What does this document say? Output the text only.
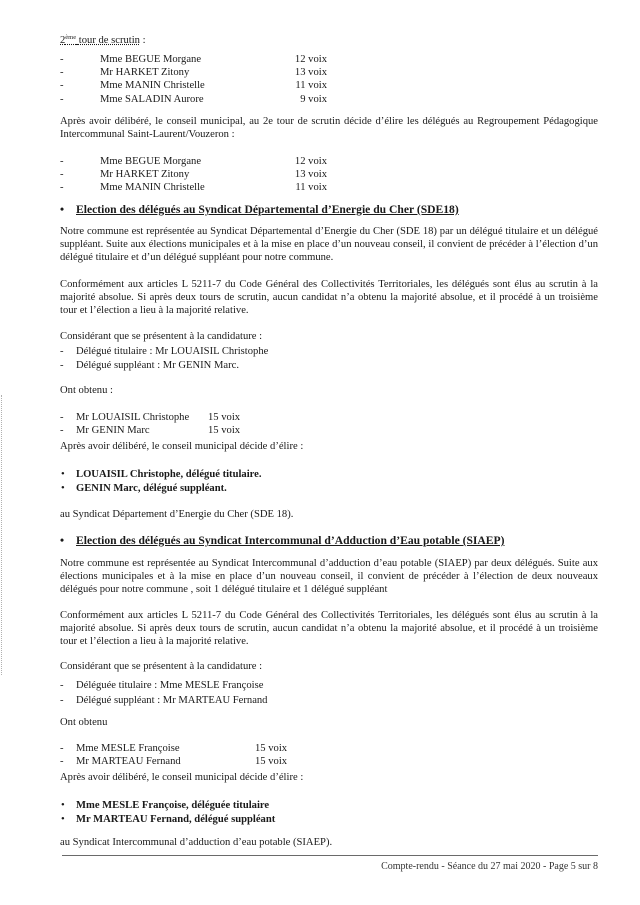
2ème tour de scrutin :
-	Mme BEGUE Morgane	12 voix
-	Mr HARKET Zitony	13 voix
-	Mme MANIN Christelle	11 voix
-	Mme SALADIN Aurore	9 voix

Après avoir délibéré, le conseil municipal, au 2e tour de scrutin décide d’élire les délégués au Regroupement Pédagogique Intercommunal Saint-Laurent/Vouzeron :

-	Mme BEGUE Morgane	12 voix
-	Mr HARKET Zitony	13 voix
-	Mme MANIN Christelle	11 voix
• Election des délégués au Syndicat Départemental d’Energie du Cher (SDE18)

Notre commune est représentée au Syndicat Départemental d’Energie du Cher (SDE 18) par un délégué titulaire et un délégué suppléant. Suite aux élections municipales et à la mise en place d’un nouveau conseil, il convient de précéder à l’élection d’un délégué titulaire et d’un délégué suppléant pour notre commune.

Conformément aux articles L 5211-7 du Code Général des Collectivités Territoriales, les délégués sont élus au scrutin à la majorité absolue. Si après deux tours de scrutin, aucun candidat n’a obtenu la majorité absolue, et il procédé à un troisième tour et l’élection a lieu à la majorité relative.

Considérant que se présentent à la candidature :

- Délégué titulaire : Mr LOUAISIL Christophe
- Délégué suppléant : Mr GENIN Marc.

Ont obtenu :

- Mr LOUAISIL Christophe 15 voix
- Mr GENIN Marc	15 voix

Après avoir délibéré, le conseil municipal décide d’élire :

• LOUAISIL Christophe, délégué titulaire.
• GENIN Marc, délégué suppléant.

au Syndicat Département d’Energie du Cher (SDE 18).

• Election des délégués au Syndicat Intercommunal d’Adduction d’Eau potable (SIAEP)

Notre commune est représentée au Syndicat Intercommunal d’adduction d’eau potable (SIAEP) par deux délégués. Suite aux élections municipales et à la mise en place d’un nouveau conseil, il convient de précéder à l’élection de deux nouveaux délégués pour notre commune , soit 1 délégué titulaire et 1 délégué suppléant

Conformément aux articles L 5211-7 du Code Général des Collectivités Territoriales, les délégués sont élus au scrutin à la majorité absolue. Si après deux tours de scrutin, aucun candidat n’a obtenu la majorité absolue, et il procédé à un troisième tour et l’élection a lieu à la majorité relative.

Considérant que se présentent à la candidature :

- Déléguée titulaire : Mme MESLE Françoise
- Délégué suppléant : Mr MARTEAU Fernand

Ont obtenu

- Mme MESLE Françoise	15 voix
- Mr MARTEAU Fernand	15 voix

Après avoir délibéré, le conseil municipal décide d’élire :

• Mme MESLE Françoise, déléguée titulaire
• Mr MARTEAU Fernand, délégué suppléant

au Syndicat Intercommunal d’adduction d’eau potable (SIAEP).

Compte-rendu - Séance du 27 mai 2020 - Page 5 sur 8
